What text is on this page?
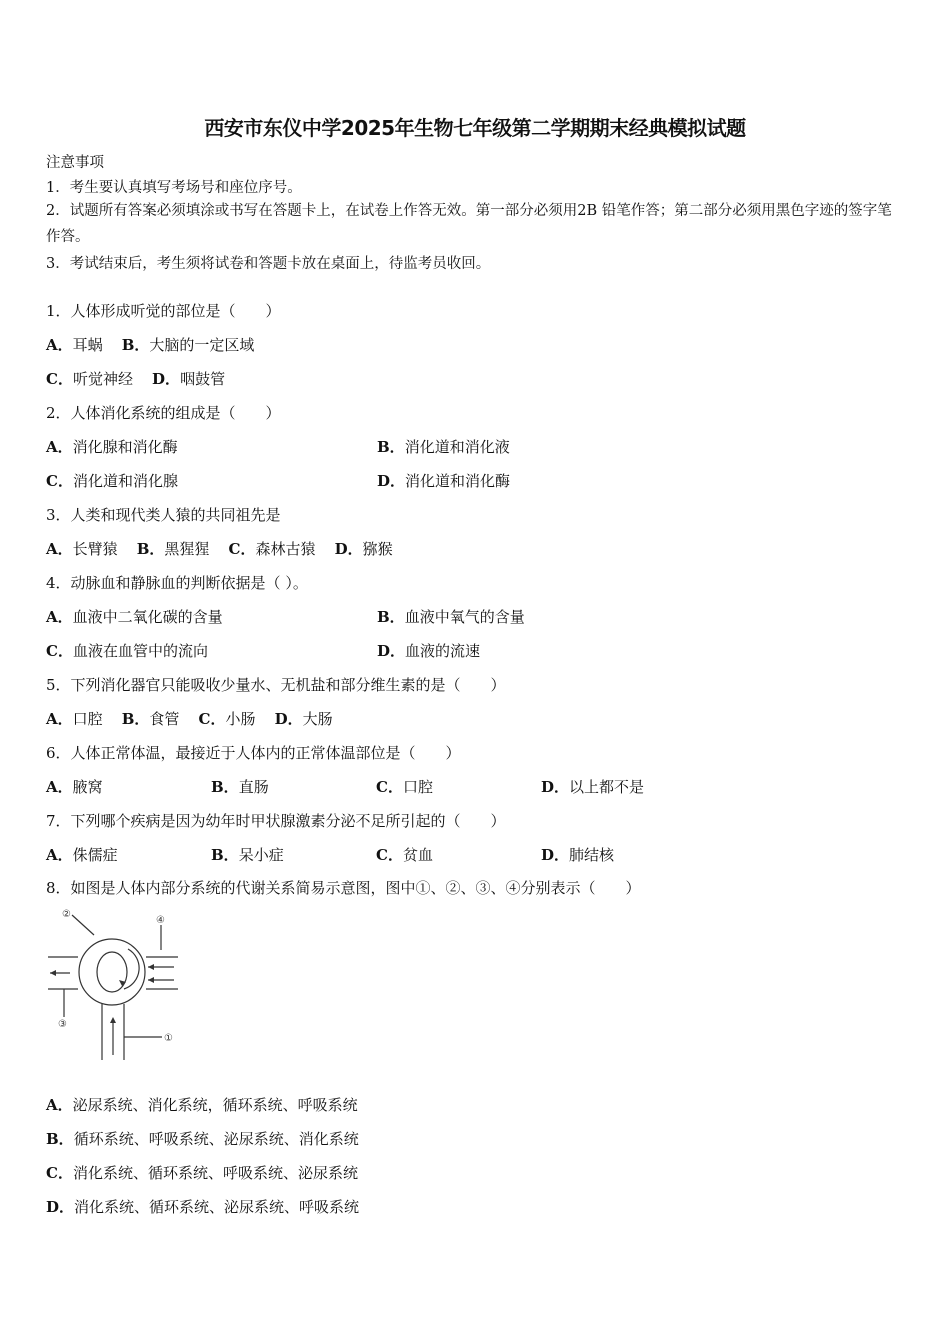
西安市东仪中学2025年生物七年级第二学期期末经典模拟试题
注意事项
1．考生要认真填写考场号和座位序号。
2．试题所有答案必须填涂或书写在答题卡上，在试卷上作答无效。第一部分必须用2B 铅笔作答；第二部分必须用黑色字迹的签字笔作答。
3．考试结束后，考生须将试卷和答题卡放在桌面上，待监考员收回。
1．人体形成听觉的部位是（　　）
A．耳蜗 B．大脑的一定区域
C．听觉神经 D．咽鼓管
2．人体消化系统的组成是（　　）
A．消化腺和消化酶	B．消化道和消化液
C．消化道和消化腺	D．消化道和消化酶
3．人类和现代类人猿的共同祖先是
A．长臂猿 B．黑猩猩 C．森林古猿 D．猕猴
4．动脉血和静脉血的判断依据是（ ）。
A．血液中二氧化碳的含量	B．血液中氧气的含量
C．血液在血管中的流向	D．血液的流速
5．下列消化器官只能吸收少量水、无机盐和部分维生素的是（　　）
A．口腔 B．食管 C．小肠 D．大肠
6．人体正常体温，最接近于人体内的正常体温部位是（　　）
A．腋窝	B．直肠	C．口腔	D．以上都不是
7．下列哪个疾病是因为幼年时甲状腺激素分泌不足所引起的（　　）
A．侏儒症	B．呆小症	C．贫血	D．肺结核
8．如图是人体内部分系统的代谢关系简易示意图，图中①、②、③、④分别表示（　　）
①
②
③
④
A．泌尿系统、消化系统，循环系统、呼吸系统
B．循环系统、呼吸系统、泌尿系统、消化系统
C．消化系统、循环系统、呼吸系统、泌尿系统
D．消化系统、循环系统、泌尿系统、呼吸系统
